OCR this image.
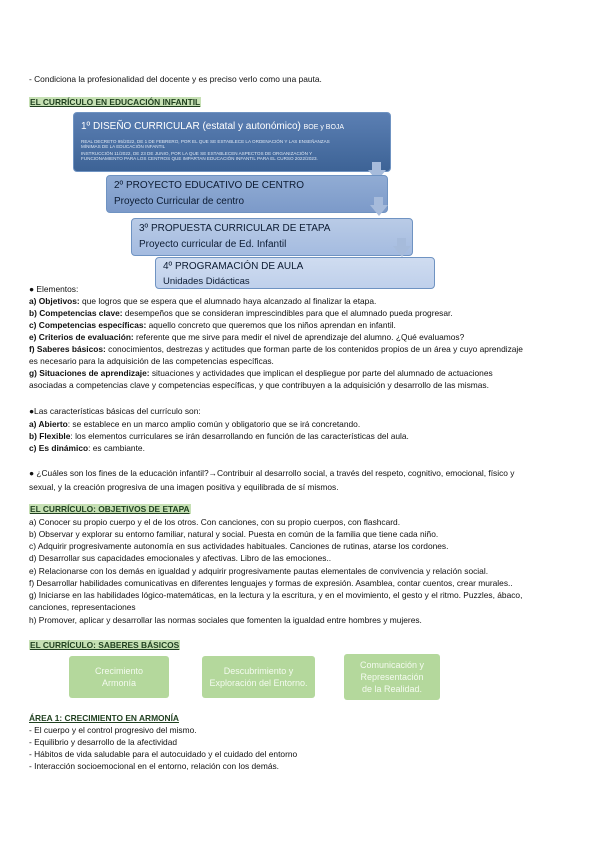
- Condiciona la profesionalidad del docente y es preciso verlo como una pauta.
EL CURRÍCULO EN EDUCACIÓN INFANTIL
1º DISEÑO CURRICULAR (estatal y autonómico) BOE y BOJA
REAL DECRETO 95/2022, DE 1 DE FEBRERO, POR EL QUE SE ESTABLECE LA ORDENACIÓN Y LAS ENSEÑANZAS
MÍNIMAS DE LA EDUCACIÓN INFANTIL
INSTRUCCIÓN 11/2022, DE 23 DE JUNIO, POR LA QUE SE ESTABLECEN ASPECTOS DE ORGANIZACIÓN Y
FUNCIONAMIENTO PARA LOS CENTROS QUE IMPARTAN EDUCACIÓN INFANTIL PARA EL CURSO 2022/2023.
2º PROYECTO EDUCATIVO DE CENTRO
Proyecto Curricular de centro
3º PROPUESTA CURRICULAR DE ETAPA
Proyecto curricular de Ed. Infantil
4º PROGRAMACIÓN DE AULA
Unidades Didácticas
● Elementos:
a) Objetivos: que logros que se espera que el alumnado haya alcanzado al finalizar la etapa.
b) Competencias clave: desempeños que se consideran imprescindibles para que el alumnado pueda progresar.
c) Competencias específicas: aquello concreto que queremos que los niños aprendan en infantil.
e) Criterios de evaluación: referente que me sirve para medir el nivel de aprendizaje del alumno. ¿Qué evaluamos?
f) Saberes básicos: conocimientos, destrezas y actitudes que forman parte de los contenidos propios de un área y cuyo aprendizaje
es necesario para la adquisición de las competencias específicas.
g) Situaciones de aprendizaje: situaciones y actividades que implican el despliegue por parte del alumnado de actuaciones
asociadas a competencias clave y competencias específicas, y que contribuyen a la adquisición y desarrollo de las mismas.
●Las características básicas del currículo son:
a) Abierto: se establece en un marco amplio común y obligatorio que se irá concretando.
b) Flexible: los elementos curriculares se irán desarrollando en función de las características del aula.
c) Es dinámico: es cambiante.
● ¿Cuáles son los fines de la educación infantil?→Contribuir al desarrollo social, a través del respeto, cognitivo, emocional, físico y
sexual, y la creación progresiva de una imagen positiva y equilibrada de sí mismos.
EL CURRÍCULO: OBJETIVOS DE ETAPA
a) Conocer su propio cuerpo y el de los otros. Con canciones, con su propio cuerpos, con flashcard.
b) Observar y explorar su entorno familiar, natural y social. Puesta en común de la familia que tiene cada niño.
c) Adquirir progresivamente autonomía en sus actividades habituales. Canciones de rutinas, atarse los cordones.
d) Desarrollar sus capacidades emocionales y afectivas. Libro de las emociones..
e) Relacionarse con los demás en igualdad y adquirir progresivamente pautas elementales de convivencia y relación social.
f) Desarrollar habilidades comunicativas en diferentes lenguajes y formas de expresión. Asamblea, contar cuentos, crear murales..
g) Iniciarse en las habilidades lógico-matemáticas, en la lectura y la escritura, y en el movimiento, el gesto y el ritmo. Puzzles, ábaco,
canciones, representaciones
h) Promover, aplicar y desarrollar las normas sociales que fomenten la igualdad entre hombres y mujeres.
EL CURRÍCULO: SABERES BÁSICOS
Crecimiento
Armonía
Descubrimiento y
Exploración del Entorno.
Comunicación y
Representación
de la Realidad.
ÁREA 1: CRECIMIENTO EN ARMONÍA
- El cuerpo y el control progresivo del mismo.
- Equilibrio y desarrollo de la afectividad
- Hábitos de vida saludable para el autocuidado y el cuidado del entorno
- Interacción socioemocional en el entorno, relación con los demás.
